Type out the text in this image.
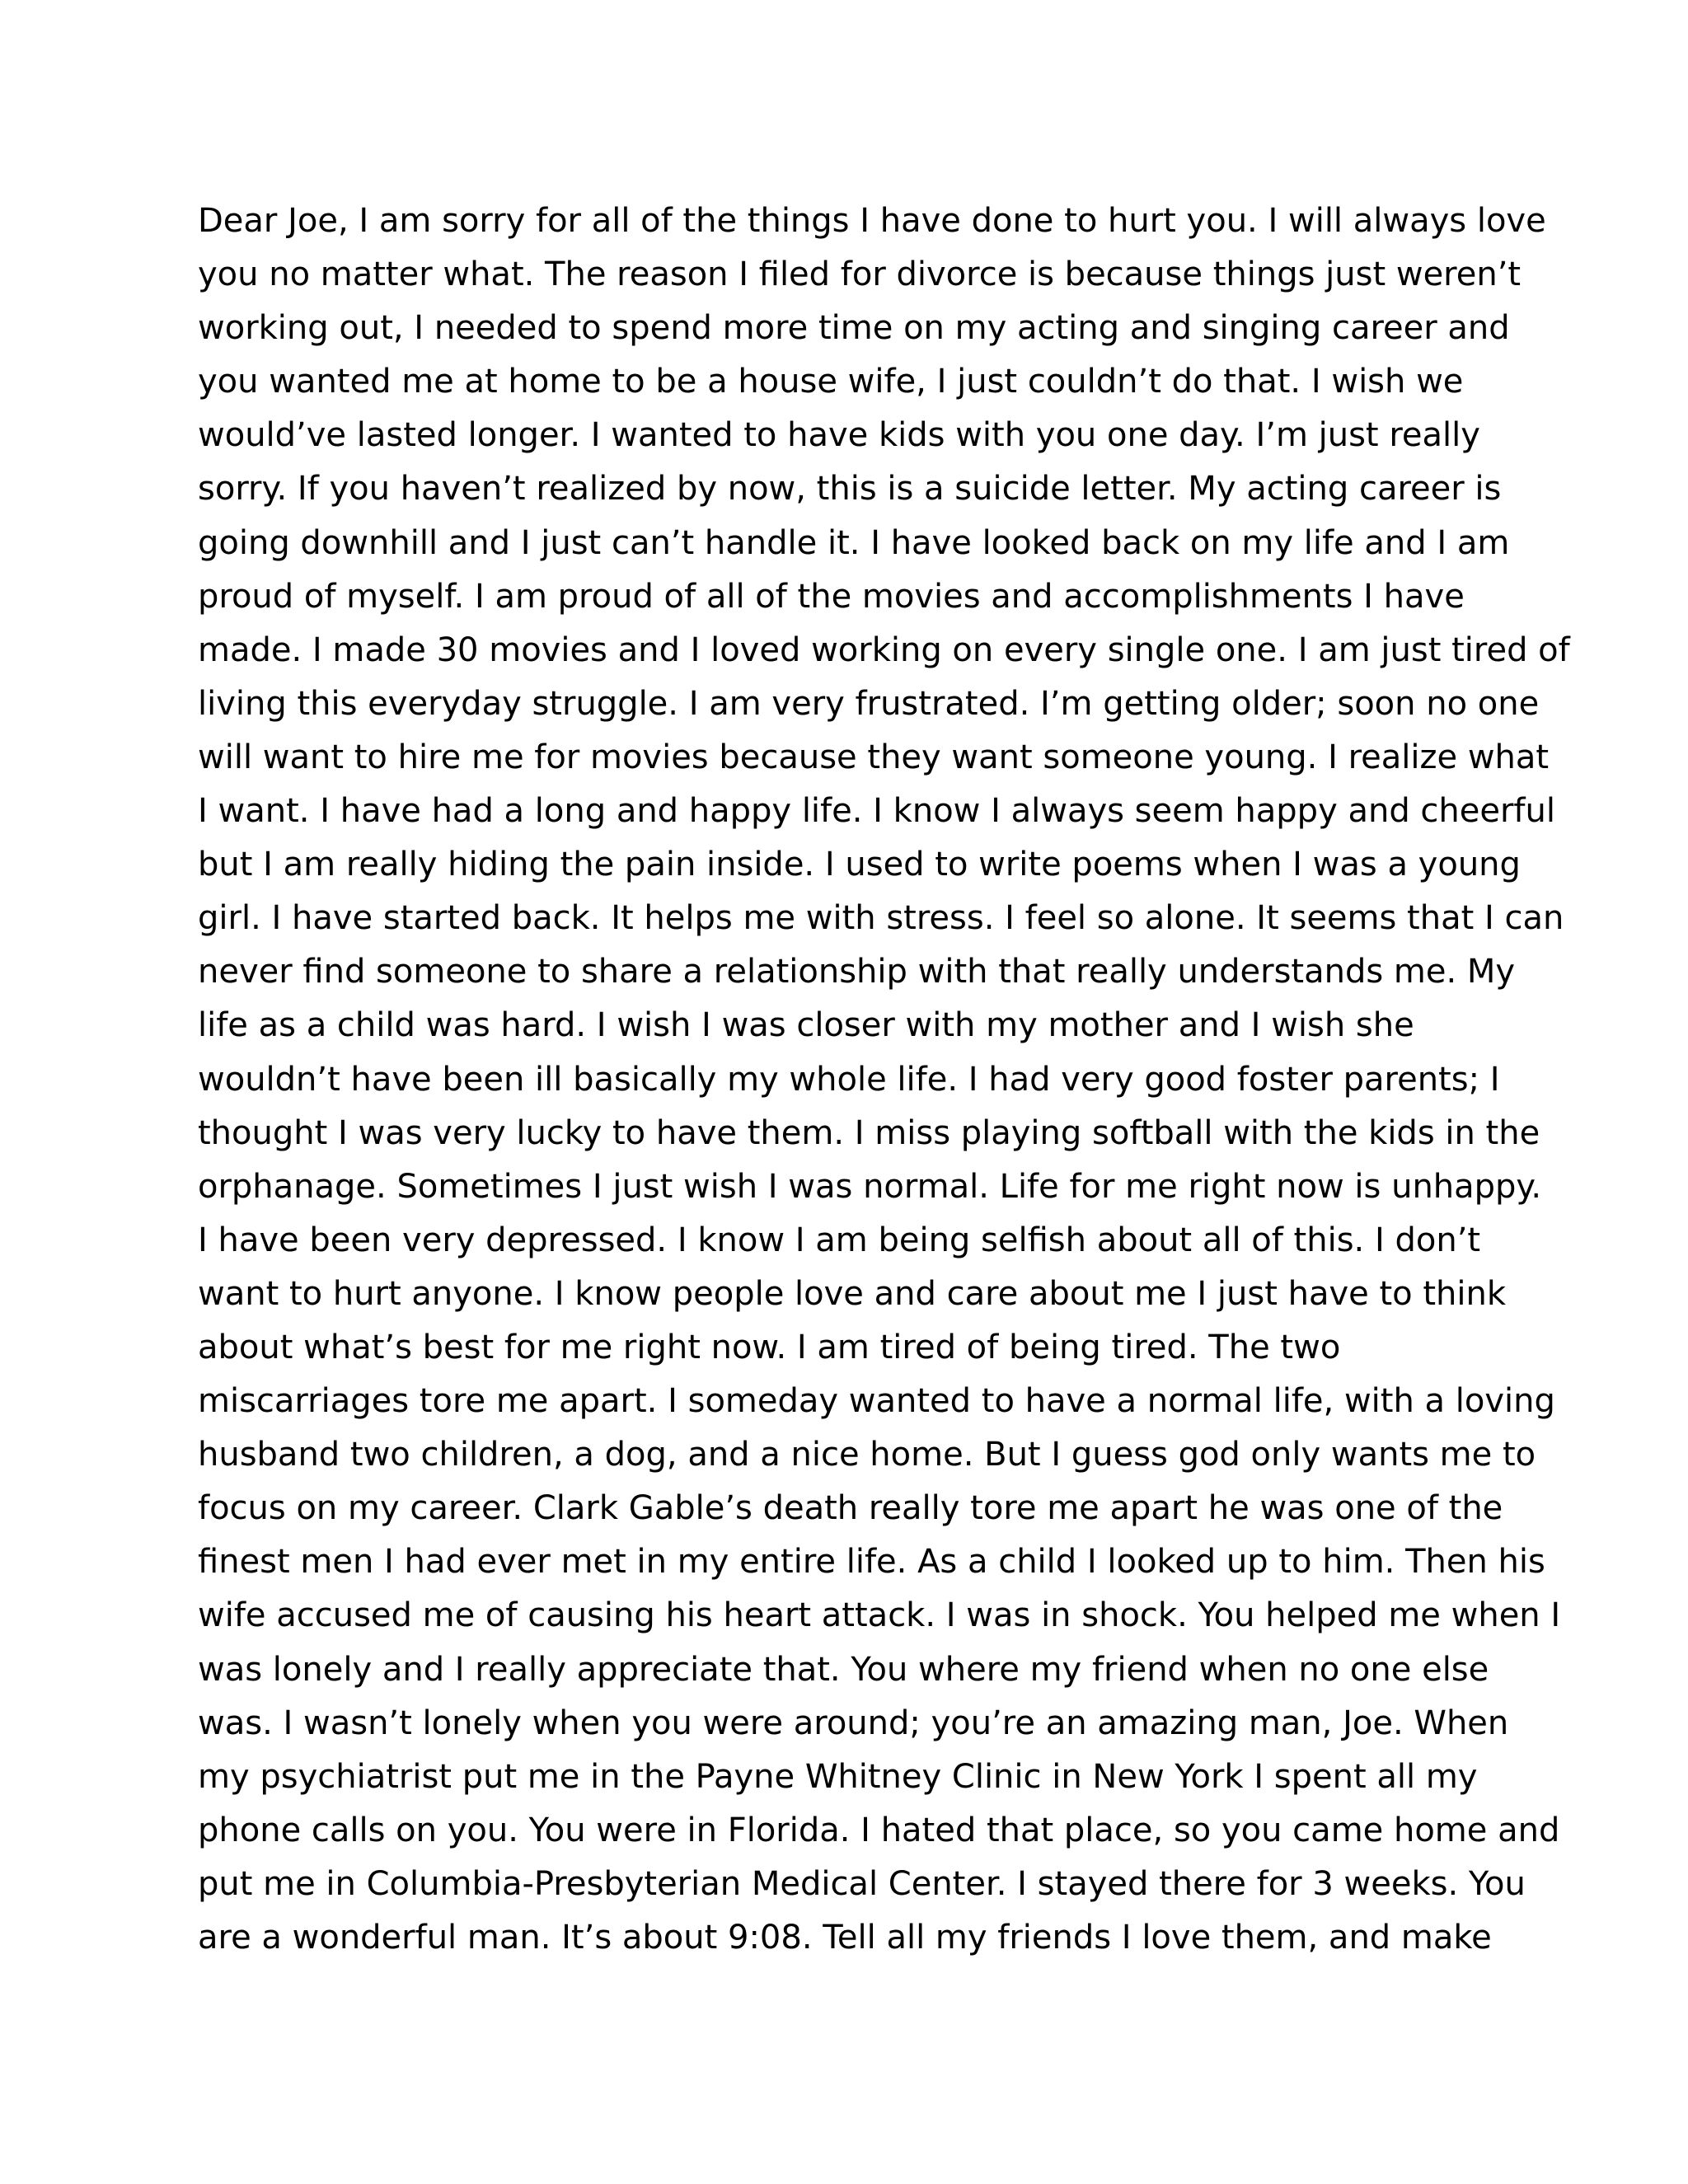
Dear Joe, I am sorry for all of the things I have done to hurt you. I will always love
you no matter what. The reason I filed for divorce is because things just weren’t
working out, I needed to spend more time on my acting and singing career and
you wanted me at home to be a house wife, I just couldn’t do that. I wish we
would’ve lasted longer. I wanted to have kids with you one day. I’m just really
sorry. If you haven’t realized by now, this is a suicide letter. My acting career is
going downhill and I just can’t handle it. I have looked back on my life and I am
proud of myself. I am proud of all of the movies and accomplishments I have
made. I made 30 movies and I loved working on every single one. I am just tired of
living this everyday struggle. I am very frustrated. I’m getting older; soon no one
will want to hire me for movies because they want someone young. I realize what
I want. I have had a long and happy life. I know I always seem happy and cheerful
but I am really hiding the pain inside. I used to write poems when I was a young
girl. I have started back. It helps me with stress. I feel so alone. It seems that I can
never find someone to share a relationship with that really understands me. My
life as a child was hard. I wish I was closer with my mother and I wish she
wouldn’t have been ill basically my whole life. I had very good foster parents; I
thought I was very lucky to have them. I miss playing softball with the kids in the
orphanage. Sometimes I just wish I was normal. Life for me right now is unhappy.
I have been very depressed. I know I am being selfish about all of this. I don’t
want to hurt anyone. I know people love and care about me I just have to think
about what’s best for me right now. I am tired of being tired. The two
miscarriages tore me apart. I someday wanted to have a normal life, with a loving
husband two children, a dog, and a nice home. But I guess god only wants me to
focus on my career. Clark Gable’s death really tore me apart he was one of the
finest men I had ever met in my entire life. As a child I looked up to him. Then his
wife accused me of causing his heart attack. I was in shock. You helped me when I
was lonely and I really appreciate that. You where my friend when no one else
was. I wasn’t lonely when you were around; you’re an amazing man, Joe. When
my psychiatrist put me in the Payne Whitney Clinic in New York I spent all my
phone calls on you. You were in Florida. I hated that place, so you came home and
put me in Columbia-Presbyterian Medical Center. I stayed there for 3 weeks. You
are a wonderful man. It’s about 9:08. Tell all my friends I love them, and make
